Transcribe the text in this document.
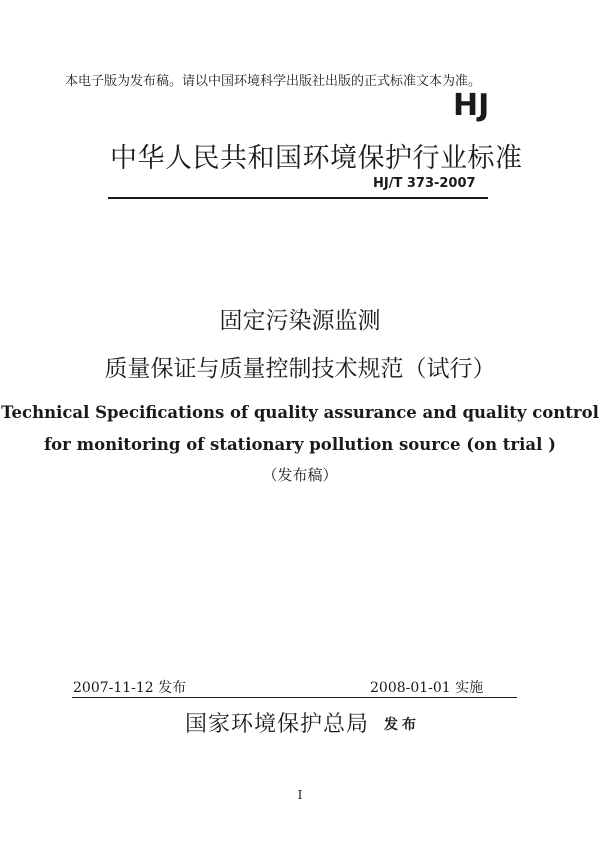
本电子版为发布稿。请以中国环境科学出版社出版的正式标准文本为准。
HJ
中华人民共和国环境保护行业标准
HJ/T 373-2007
固定污染源监测
质量保证与质量控制技术规范（试行）
Technical Specifications of quality assurance and quality control
for monitoring of stationary pollution source (on trial )
（发布稿）
2007-11-12 发布	2008-01-01 实施
国家环境保护总局 发布
I
